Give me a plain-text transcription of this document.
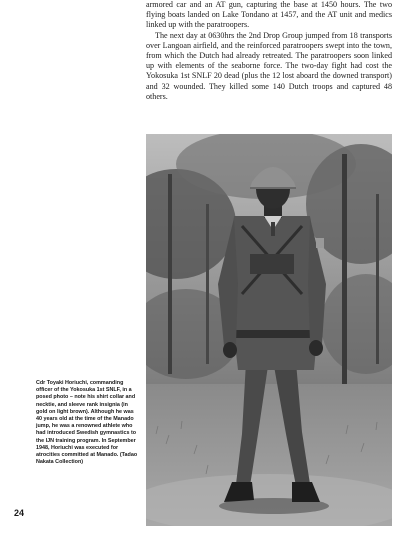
armored car and an AT gun, capturing the base at 1450 hours. The two flying boats landed on Lake Tondano at 1457, and the AT unit and medics linked up with the paratroopers.

The next day at 0630hrs the 2nd Drop Group jumped from 18 transports over Langoan airfield, and the reinforced paratroopers swept into the town, from which the Dutch had already retreated. The paratroopers soon linked up with elements of the seaborne force. The two-day fight had cost the Yokosuka 1st SNLF 20 dead (plus the 12 lost aboard the downed transport) and 32 wounded. They killed some 140 Dutch troops and captured 48 others.

Cdr Toyaki Horiuchi, commanding officer of the Yokosuka 1st SNLF, in a posed photo – note his shirt collar and necktie, and sleeve rank insignia (in gold on light brown). Although he was 40 years old at the time of the Manado jump, he was a renowned athlete who had introduced Swedish gymnastics to the IJN training program. In September 1948, Horiuchi was executed for atrocities committed at Manado. (Tadao Nakata Collection)
24
